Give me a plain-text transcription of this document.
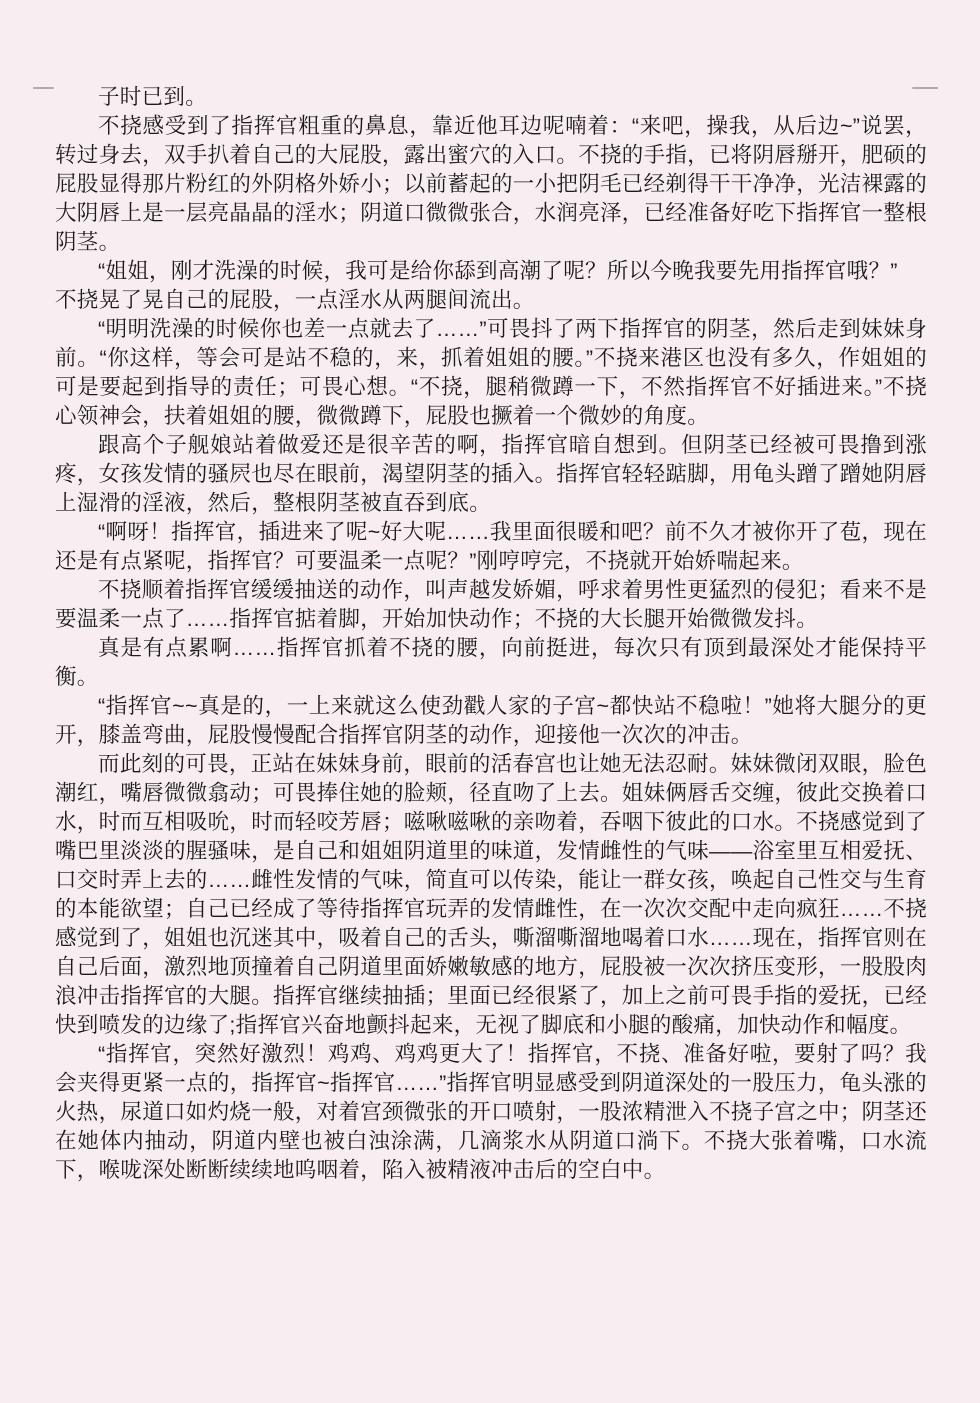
子时已到。

不挠感受到了指挥官粗重的鼻息，靠近他耳边呢喃着：“来吧，操我，从后边~”说罢，转过身去，双手扒着自己的大屁股，露出蜜穴的入口。不挠的手指，已将阴唇掰开，肥硕的屁股显得那片粉红的外阴格外娇小；以前蓄起的一小把阴毛已经剃得干干净净，光洁裸露的大阴唇上是一层亮晶晶的淫水；阴道口微微张合，水润亮泽，已经准备好吃下指挥官一整根阴茎。

“姐姐，刚才洗澡的时候，我可是给你舔到高潮了呢？所以今晚我要先用指挥官哦？”

不挠晃了晃自己的屁股，一点淫水从两腿间流出。

“明明洗澡的时候你也差一点就去了……”可畏抖了两下指挥官的阴茎，然后走到妹妹身前。“你这样，等会可是站不稳的，来，抓着姐姐的腰。”不挠来港区也没有多久，作姐姐的可是要起到指导的责任；可畏心想。“不挠，腿稍微蹲一下，不然指挥官不好插进来。”不挠心领神会，扶着姐姐的腰，微微蹲下，屁股也撅着一个微妙的角度。

跟高个子舰娘站着做爱还是很辛苦的啊，指挥官暗自想到。但阴茎已经被可畏撸到涨疼，女孩发情的骚屄也尽在眼前，渴望阴茎的插入。指挥官轻轻踮脚，用龟头蹭了蹭她阴唇上湿滑的淫液，然后，整根阴茎被直吞到底。

“啊呀！指挥官，插进来了呢~好大呢……我里面很暖和吧？前不久才被你开了苞，现在还是有点紧呢，指挥官？可要温柔一点呢？”刚哼哼完，不挠就开始娇喘起来。

不挠顺着指挥官缓缓抽送的动作，叫声越发娇媚，呼求着男性更猛烈的侵犯；看来不是要温柔一点了……指挥官掂着脚，开始加快动作；不挠的大长腿开始微微发抖。

真是有点累啊……指挥官抓着不挠的腰，向前挺进，每次只有顶到最深处才能保持平衡。

“指挥官~~真是的，一上来就这么使劲戳人家的子宫~都快站不稳啦！”她将大腿分的更开，膝盖弯曲，屁股慢慢配合指挥官阴茎的动作，迎接他一次次的冲击。

而此刻的可畏，正站在妹妹身前，眼前的活春宫也让她无法忍耐。妹妹微闭双眼，脸色潮红，嘴唇微微翕动；可畏捧住她的脸颊，径直吻了上去。姐妹俩唇舌交缠，彼此交换着口水，时而互相吸吮，时而轻咬芳唇；嗞啾嗞啾的亲吻着，吞咽下彼此的口水。不挠感觉到了嘴巴里淡淡的腥骚味，是自己和姐姐阴道里的味道，发情雌性的气味——浴室里互相爱抚、口交时弄上去的……雌性发情的气味，简直可以传染，能让一群女孩，唤起自己性交与生育的本能欲望；自己已经成了等待指挥官玩弄的发情雌性，在一次次交配中走向疯狂……不挠感觉到了，姐姐也沉迷其中，吸着自己的舌头，嘶溜嘶溜地喝着口水……现在，指挥官则在自己后面，激烈地顶撞着自己阴道里面娇嫩敏感的地方，屁股被一次次挤压变形，一股股肉浪冲击指挥官的大腿。指挥官继续抽插；里面已经很紧了，加上之前可畏手指的爱抚，已经快到喷发的边缘了;指挥官兴奋地颤抖起来，无视了脚底和小腿的酸痛，加快动作和幅度。

“指挥官，突然好激烈！鸡鸡、鸡鸡更大了！指挥官，不挠、准备好啦，要射了吗？我会夹得更紧一点的，指挥官~指挥官……”指挥官明显感受到阴道深处的一股压力，龟头涨的火热，尿道口如灼烧一般，对着宫颈微张的开口喷射，一股浓精泄入不挠子宫之中；阴茎还在她体内抽动，阴道内壁也被白浊涂满，几滴浆水从阴道口淌下。不挠大张着嘴，口水流下，喉咙深处断断续续地呜咽着，陷入被精液冲击后的空白中。
